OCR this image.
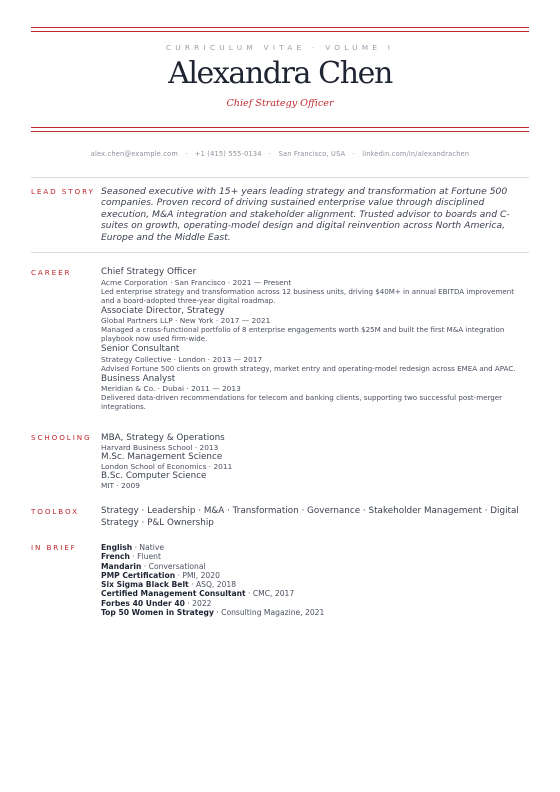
CURRICULUM VITAE · VOLUME I
Alexandra Chen
Chief Strategy Officer
alex.chen@example.com · +1 (415) 555-0134 · San Francisco, USA · linkedin.com/in/alexandrachen
LEAD STORY Seasoned executive with 15+ years leading strategy and transformation at Fortune 500 companies. Proven record of driving sustained enterprise value through disciplined execution, M&A integration and stakeholder alignment. Trusted advisor to boards and C-suites on growth, operating-model design and digital reinvention across North America, Europe and the Middle East.
CAREER	Chief Strategy Officer
Acme Corporation · San Francisco · 2021 — Present
Led enterprise strategy and transformation across 12 business units, driving $40M+ in annual EBITDA improvement and a board-adopted three-year digital roadmap.
Associate Director, Strategy
Global Partners LLP · New York · 2017 — 2021
Managed a cross-functional portfolio of 8 enterprise engagements worth $25M and built the first M&A integration playbook now used firm-wide.
Senior Consultant
Strategy Collective · London · 2013 — 2017
Advised Fortune 500 clients on growth strategy, market entry and operating-model redesign across EMEA and APAC.
Business Analyst
Meridian & Co. · Dubai · 2011 — 2013
Delivered data-driven recommendations for telecom and banking clients, supporting two successful post-merger integrations.
SCHOOLING MBA, Strategy & Operations
Harvard Business School · 2013
M.Sc. Management Science
London School of Economics · 2011
B.Sc. Computer Science
MIT · 2009
TOOLBOX	Strategy · Leadership · M&A · Transformation · Governance · Stakeholder Management · Digital Strategy · P&L Ownership
IN BRIEF	English · Native
French · Fluent
Mandarin · Conversational
PMP Certification · PMI, 2020
Six Sigma Black Belt · ASQ, 2018
Certified Management Consultant · CMC, 2017
Forbes 40 Under 40 · 2022
Top 50 Women in Strategy · Consulting Magazine, 2021
